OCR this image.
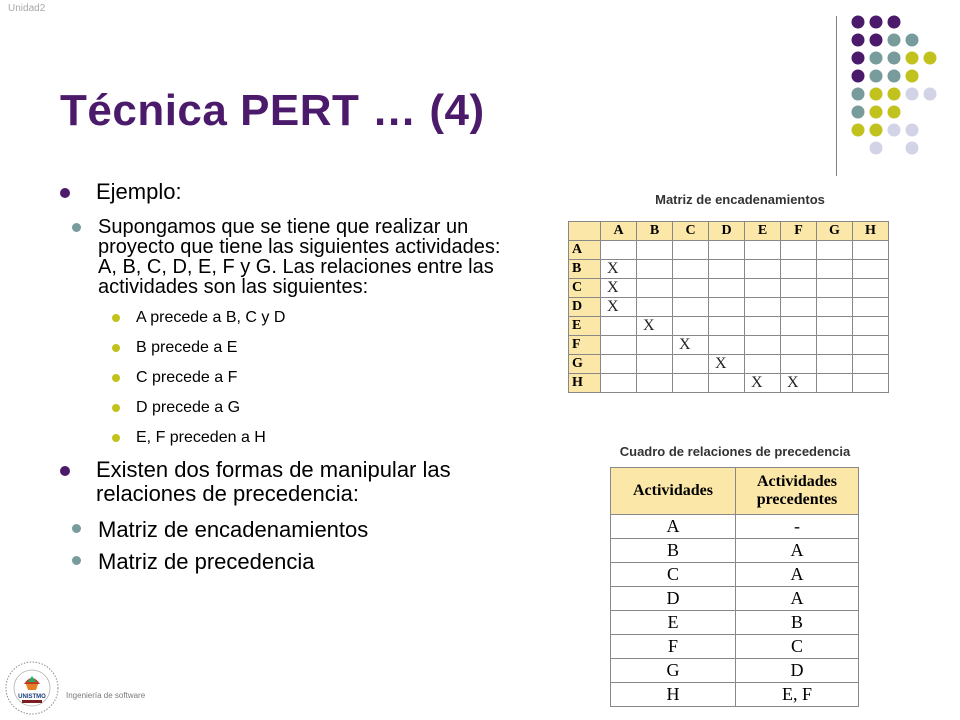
Unidad2
Técnica PERT … (4)
Ejemplo:
Supongamos que se tiene que realizar un proyecto que tiene las siguientes actividades: A, B, C, D, E, F y G. Las relaciones entre las actividades son las siguientes:
A precede a B, C y D
B precede a E
C precede a F
D precede a G
E, F preceden a H
Existen dos formas de manipular las relaciones de precedencia:
Matriz de encadenamientos
Matriz de precedencia
Matriz de encadenamientos
	A	B	C	D	E	F	G	H
A								
B	X							
C	X							
D	X							
E		X						
F			X					
G				X				
H					X	X		
Cuadro de relaciones de precedencia
Actividades	Actividades precedentes
A	-
B	A
C	A
D	A
E	B
F	C
G	D
H	E, F
UNISTMO	Ingeniería de software
